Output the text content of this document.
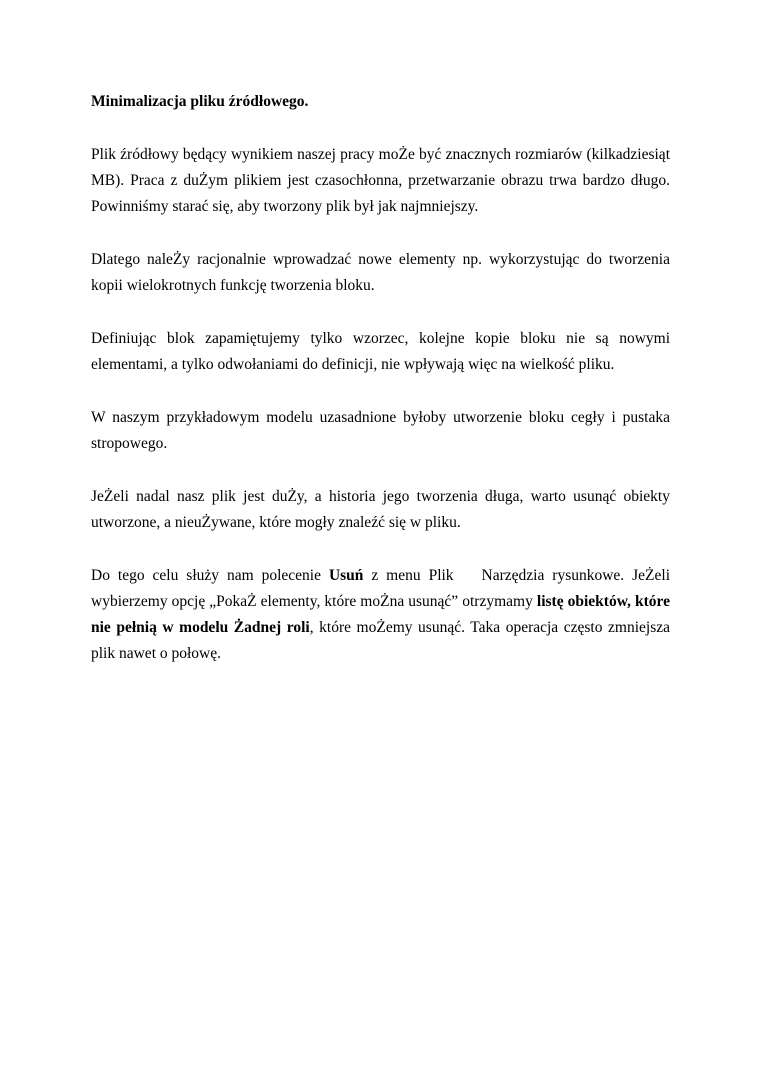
Minimalizacja pliku źródłowego.

Plik źródłowy będący wynikiem naszej pracy moŻe być znacznych rozmiarów (kilkadziesiąt MB). Praca z duŻym plikiem jest czasochłonna, przetwarzanie obrazu trwa bardzo długo. Powinniśmy starać się, aby tworzony plik był jak najmniejszy.

Dlatego naleŻy racjonalnie wprowadzać nowe elementy np. wykorzystując do tworzenia kopii wielokrotnych funkcję tworzenia bloku.

Definiując blok zapamiętujemy tylko wzorzec, kolejne kopie bloku nie są nowymi elementami, a tylko odwołaniami do definicji, nie wpływają więc na wielkość pliku.

W naszym przykładowym modelu uzasadnione byłoby utworzenie bloku cegły i pustaka stropowego.

JeŻeli nadal nasz plik jest duŻy, a historia jego tworzenia długa, warto usunąć obiekty utworzone, a nieuŻywane, które mogły znaleźć się w pliku.

Do tego celu służy nam polecenie Usuń z menu Plik Narzędzia rysunkowe. JeŻeli wybierzemy opcję „PokaŻ elementy, które moŻna usunąć” otrzymamy listę obiektów, które nie pełnią w modelu Żadnej roli, które moŻemy usunąć. Taka operacja często zmniejsza plik nawet o połowę.
